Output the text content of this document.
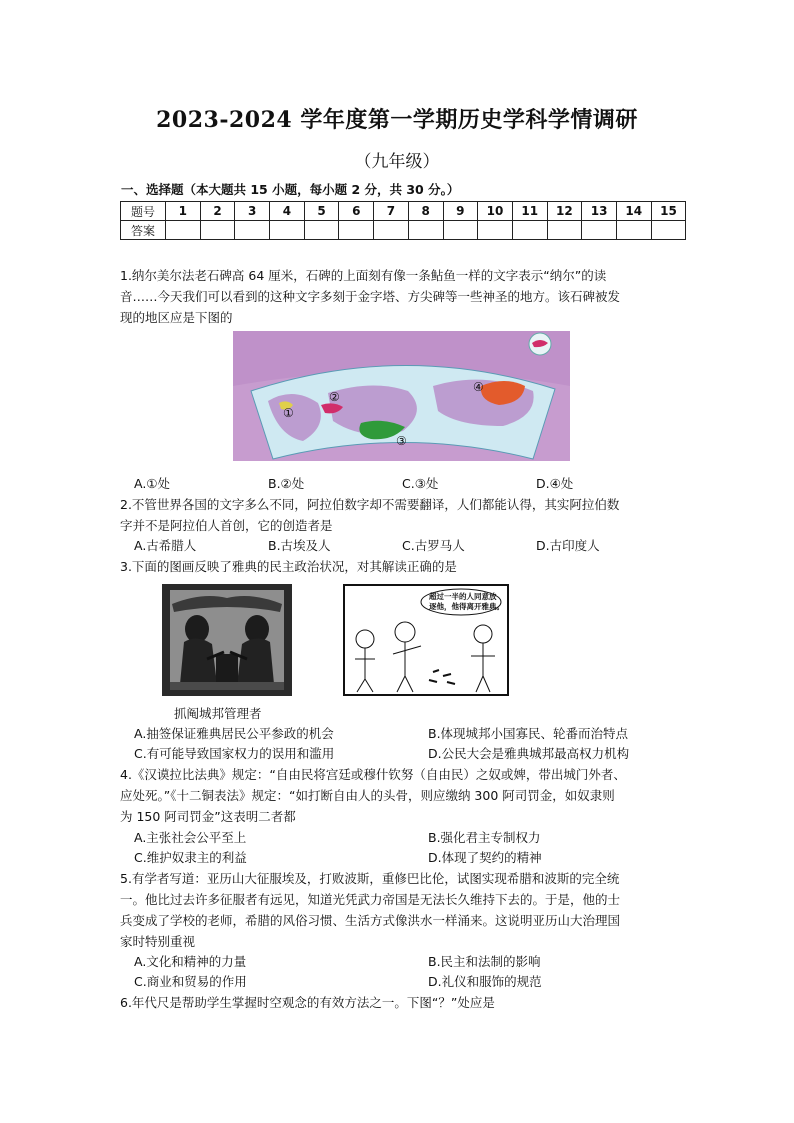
2023-2024 学年度第一学期历史学科学情调研
（九年级）
一、选择题（本大题共 15 小题，每小题 2 分，共 30 分。）
题号	1	2	3	4	5	6	7	8	9	10	11	12	13	14	15
答案															
1.纳尔美尔法老石碑高 64 厘米，石碑的上面刻有像一条鲇鱼一样的文字表示“纳尔”的读
音……今天我们可以看到的这种文字多刻于金字塔、方尖碑等一些神圣的地方。该石碑被发
现的地区应是下图的
①
②
③
④
A.①处	B.②处	C.③处	D.④处
2.不管世界各国的文字多么不同，阿拉伯数字却不需要翻译，人们都能认得，其实阿拉伯数
字并不是阿拉伯人首创，它的创造者是
A.古希腊人	B.古埃及人	C.古罗马人	D.古印度人
3.下面的图画反映了雅典的民主政治状况，对其解读正确的是
超过一半的人同意放
逐他，他得离开雅典。
抓阄城邦管理者
A.抽签保证雅典居民公平参政的机会	B.体现城邦小国寡民、轮番而治特点
C.有可能导致国家权力的误用和滥用	D.公民大会是雅典城邦最高权力机构
4.《汉谟拉比法典》规定：“自由民将宫廷或穆什钦努（自由民）之奴或婢，带出城门外者、
应处死。”《十二铜表法》规定：“如打断自由人的头骨，则应缴纳 300 阿司罚金，如奴隶则
为 150 阿司罚金”这表明二者都
A.主张社会公平至上	B.强化君主专制权力
C.维护奴隶主的利益	D.体现了契约的精神
5.有学者写道：亚历山大征服埃及，打败波斯，重修巴比伦，试图实现希腊和波斯的完全统
一。他比过去许多征服者有远见，知道光凭武力帝国是无法长久维持下去的。于是，他的士
兵变成了学校的老师，希腊的风俗习惯、生活方式像洪水一样涌来。这说明亚历山大治理国
家时特别重视
A.文化和精神的力量	B.民主和法制的影响
C.商业和贸易的作用	D.礼仪和服饰的规范
6.年代尺是帮助学生掌握时空观念的有效方法之一。下图“？”处应是
